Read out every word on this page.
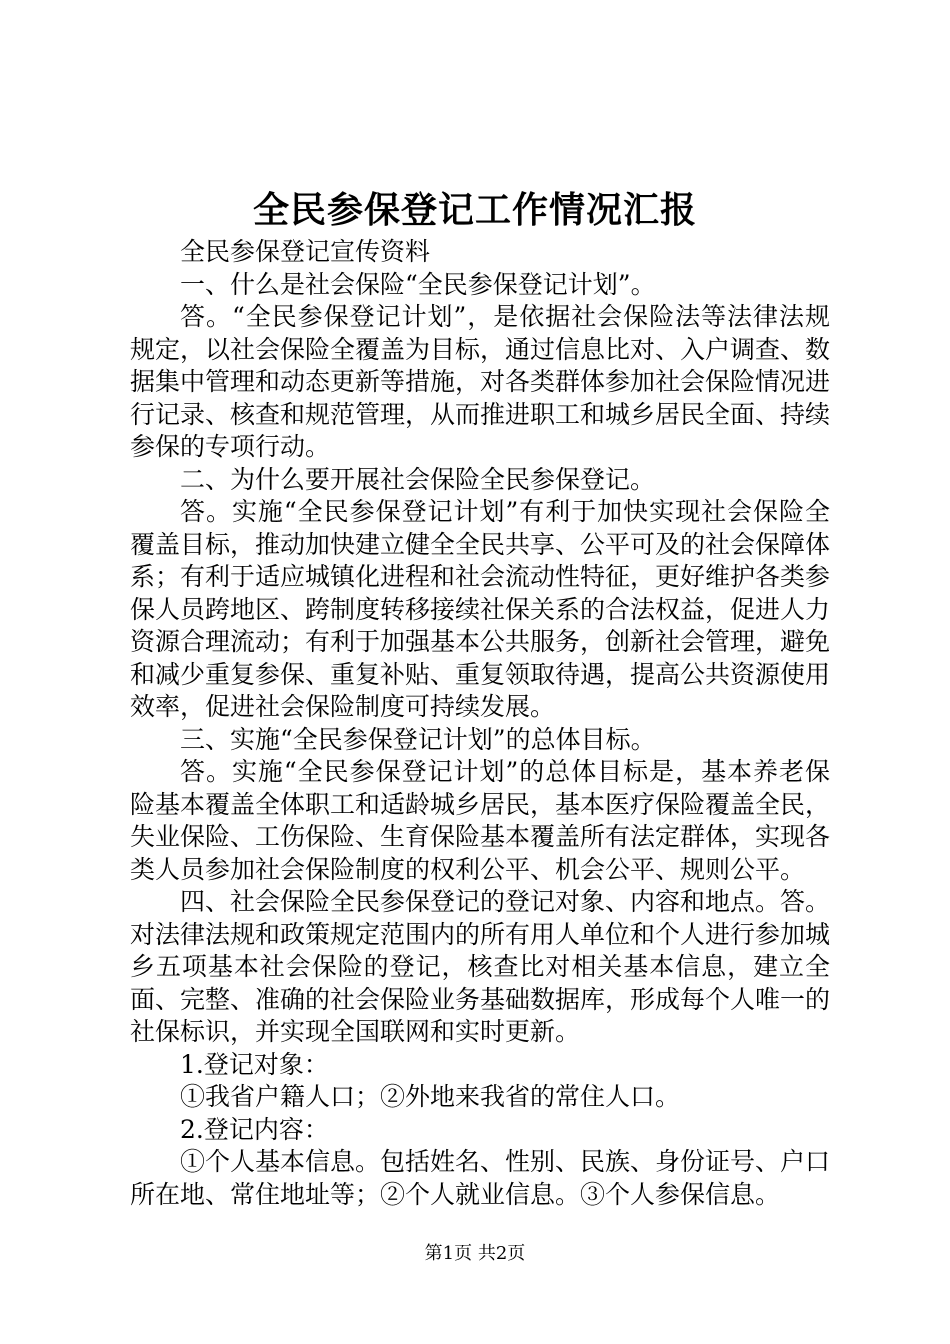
全民参保登记工作情况汇报

全民参保登记宣传资料

一、什么是社会保险“全民参保登记计划”。

答。“全民参保登记计划”，是依据社会保险法等法律法规规定，以社会保险全覆盖为目标，通过信息比对、入户调查、数据集中管理和动态更新等措施，对各类群体参加社会保险情况进行记录、核查和规范管理，从而推进职工和城乡居民全面、持续参保的专项行动。

二、为什么要开展社会保险全民参保登记。

答。实施“全民参保登记计划”有利于加快实现社会保险全覆盖目标，推动加快建立健全全民共享、公平可及的社会保障体系；有利于适应城镇化进程和社会流动性特征，更好维护各类参保人员跨地区、跨制度转移接续社保关系的合法权益，促进人力资源合理流动；有利于加强基本公共服务，创新社会管理，避免和减少重复参保、重复补贴、重复领取待遇，提高公共资源使用效率，促进社会保险制度可持续发展。

三、实施“全民参保登记计划”的总体目标。

答。实施“全民参保登记计划”的总体目标是，基本养老保险基本覆盖全体职工和适龄城乡居民，基本医疗保险覆盖全民，失业保险、工伤保险、生育保险基本覆盖所有法定群体，实现各类人员参加社会保险制度的权利公平、机会公平、规则公平。

四、社会保险全民参保登记的登记对象、内容和地点。答。对法律法规和政策规定范围内的所有用人单位和个人进行参加城乡五项基本社会保险的登记，核查比对相关基本信息，建立全面、完整、准确的社会保险业务基础数据库，形成每个人唯一的社保标识，并实现全国联网和实时更新。

1.登记对象：

①我省户籍人口；②外地来我省的常住人口。

2.登记内容：

①个人基本信息。包括姓名、性别、民族、身份证号、户口所在地、常住地址等；②个人就业信息。③个人参保信息。

第1页 共2页
